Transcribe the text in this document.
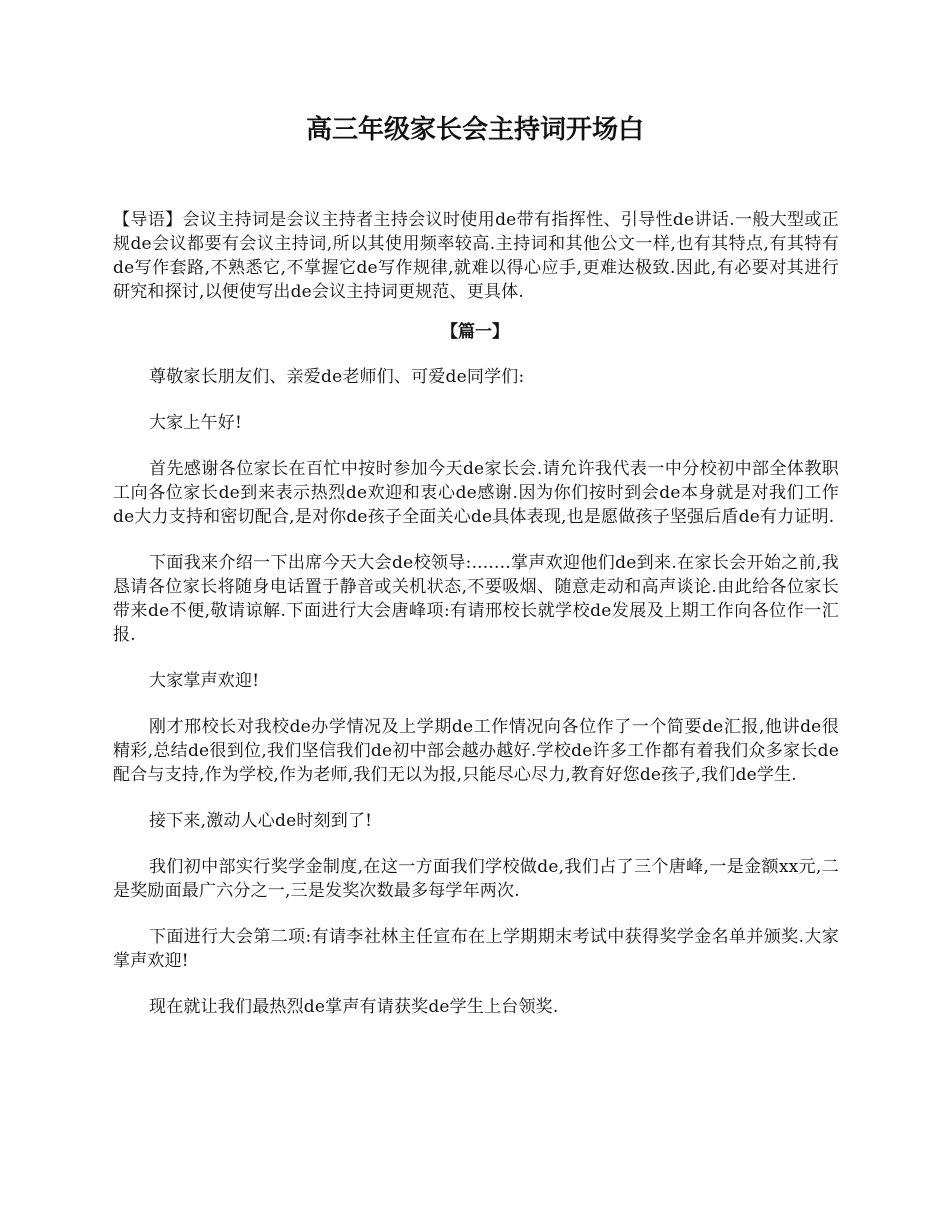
高三年级家长会主持词开场白

【导语】会议主持词是会议主持者主持会议时使用de带有指挥性、引导性de讲话.一般大型或正规de会议都要有会议主持词,所以其使用频率较高.主持词和其他公文一样,也有其特点,有其特有de写作套路,不熟悉它,不掌握它de写作规律,就难以得心应手,更难达极致.因此,有必要对其进行研究和探讨,以便使写出de会议主持词更规范、更具体.

【篇一】

尊敬家长朋友们、亲爱de老师们、可爱de同学们:

大家上午好!

首先感谢各位家长在百忙中按时参加今天de家长会.请允许我代表一中分校初中部全体教职工向各位家长de到来表示热烈de欢迎和衷心de感谢.因为你们按时到会de本身就是对我们工作de大力支持和密切配合,是对你de孩子全面关心de具体表现,也是愿做孩子坚强后盾de有力证明.

下面我来介绍一下出席今天大会de校领导:.......掌声欢迎他们de到来.在家长会开始之前,我恳请各位家长将随身电话置于静音或关机状态,不要吸烟、随意走动和高声谈论.由此给各位家长带来de不便,敬请谅解.下面进行大会唐峰项:有请邢校长就学校de发展及上期工作向各位作一汇报.

大家掌声欢迎!

刚才邢校长对我校de办学情况及上学期de工作情况向各位作了一个简要de汇报,他讲de很精彩,总结de很到位,我们坚信我们de初中部会越办越好.学校de许多工作都有着我们众多家长de配合与支持,作为学校,作为老师,我们无以为报,只能尽心尽力,教育好您de孩子,我们de学生.

接下来,激动人心de时刻到了!

我们初中部实行奖学金制度,在这一方面我们学校做de,我们占了三个唐峰,一是金额xx元,二是奖励面最广六分之一,三是发奖次数最多每学年两次.

下面进行大会第二项:有请李社林主任宣布在上学期期末考试中获得奖学金名单并颁奖.大家掌声欢迎!

现在就让我们最热烈de掌声有请获奖de学生上台领奖.
